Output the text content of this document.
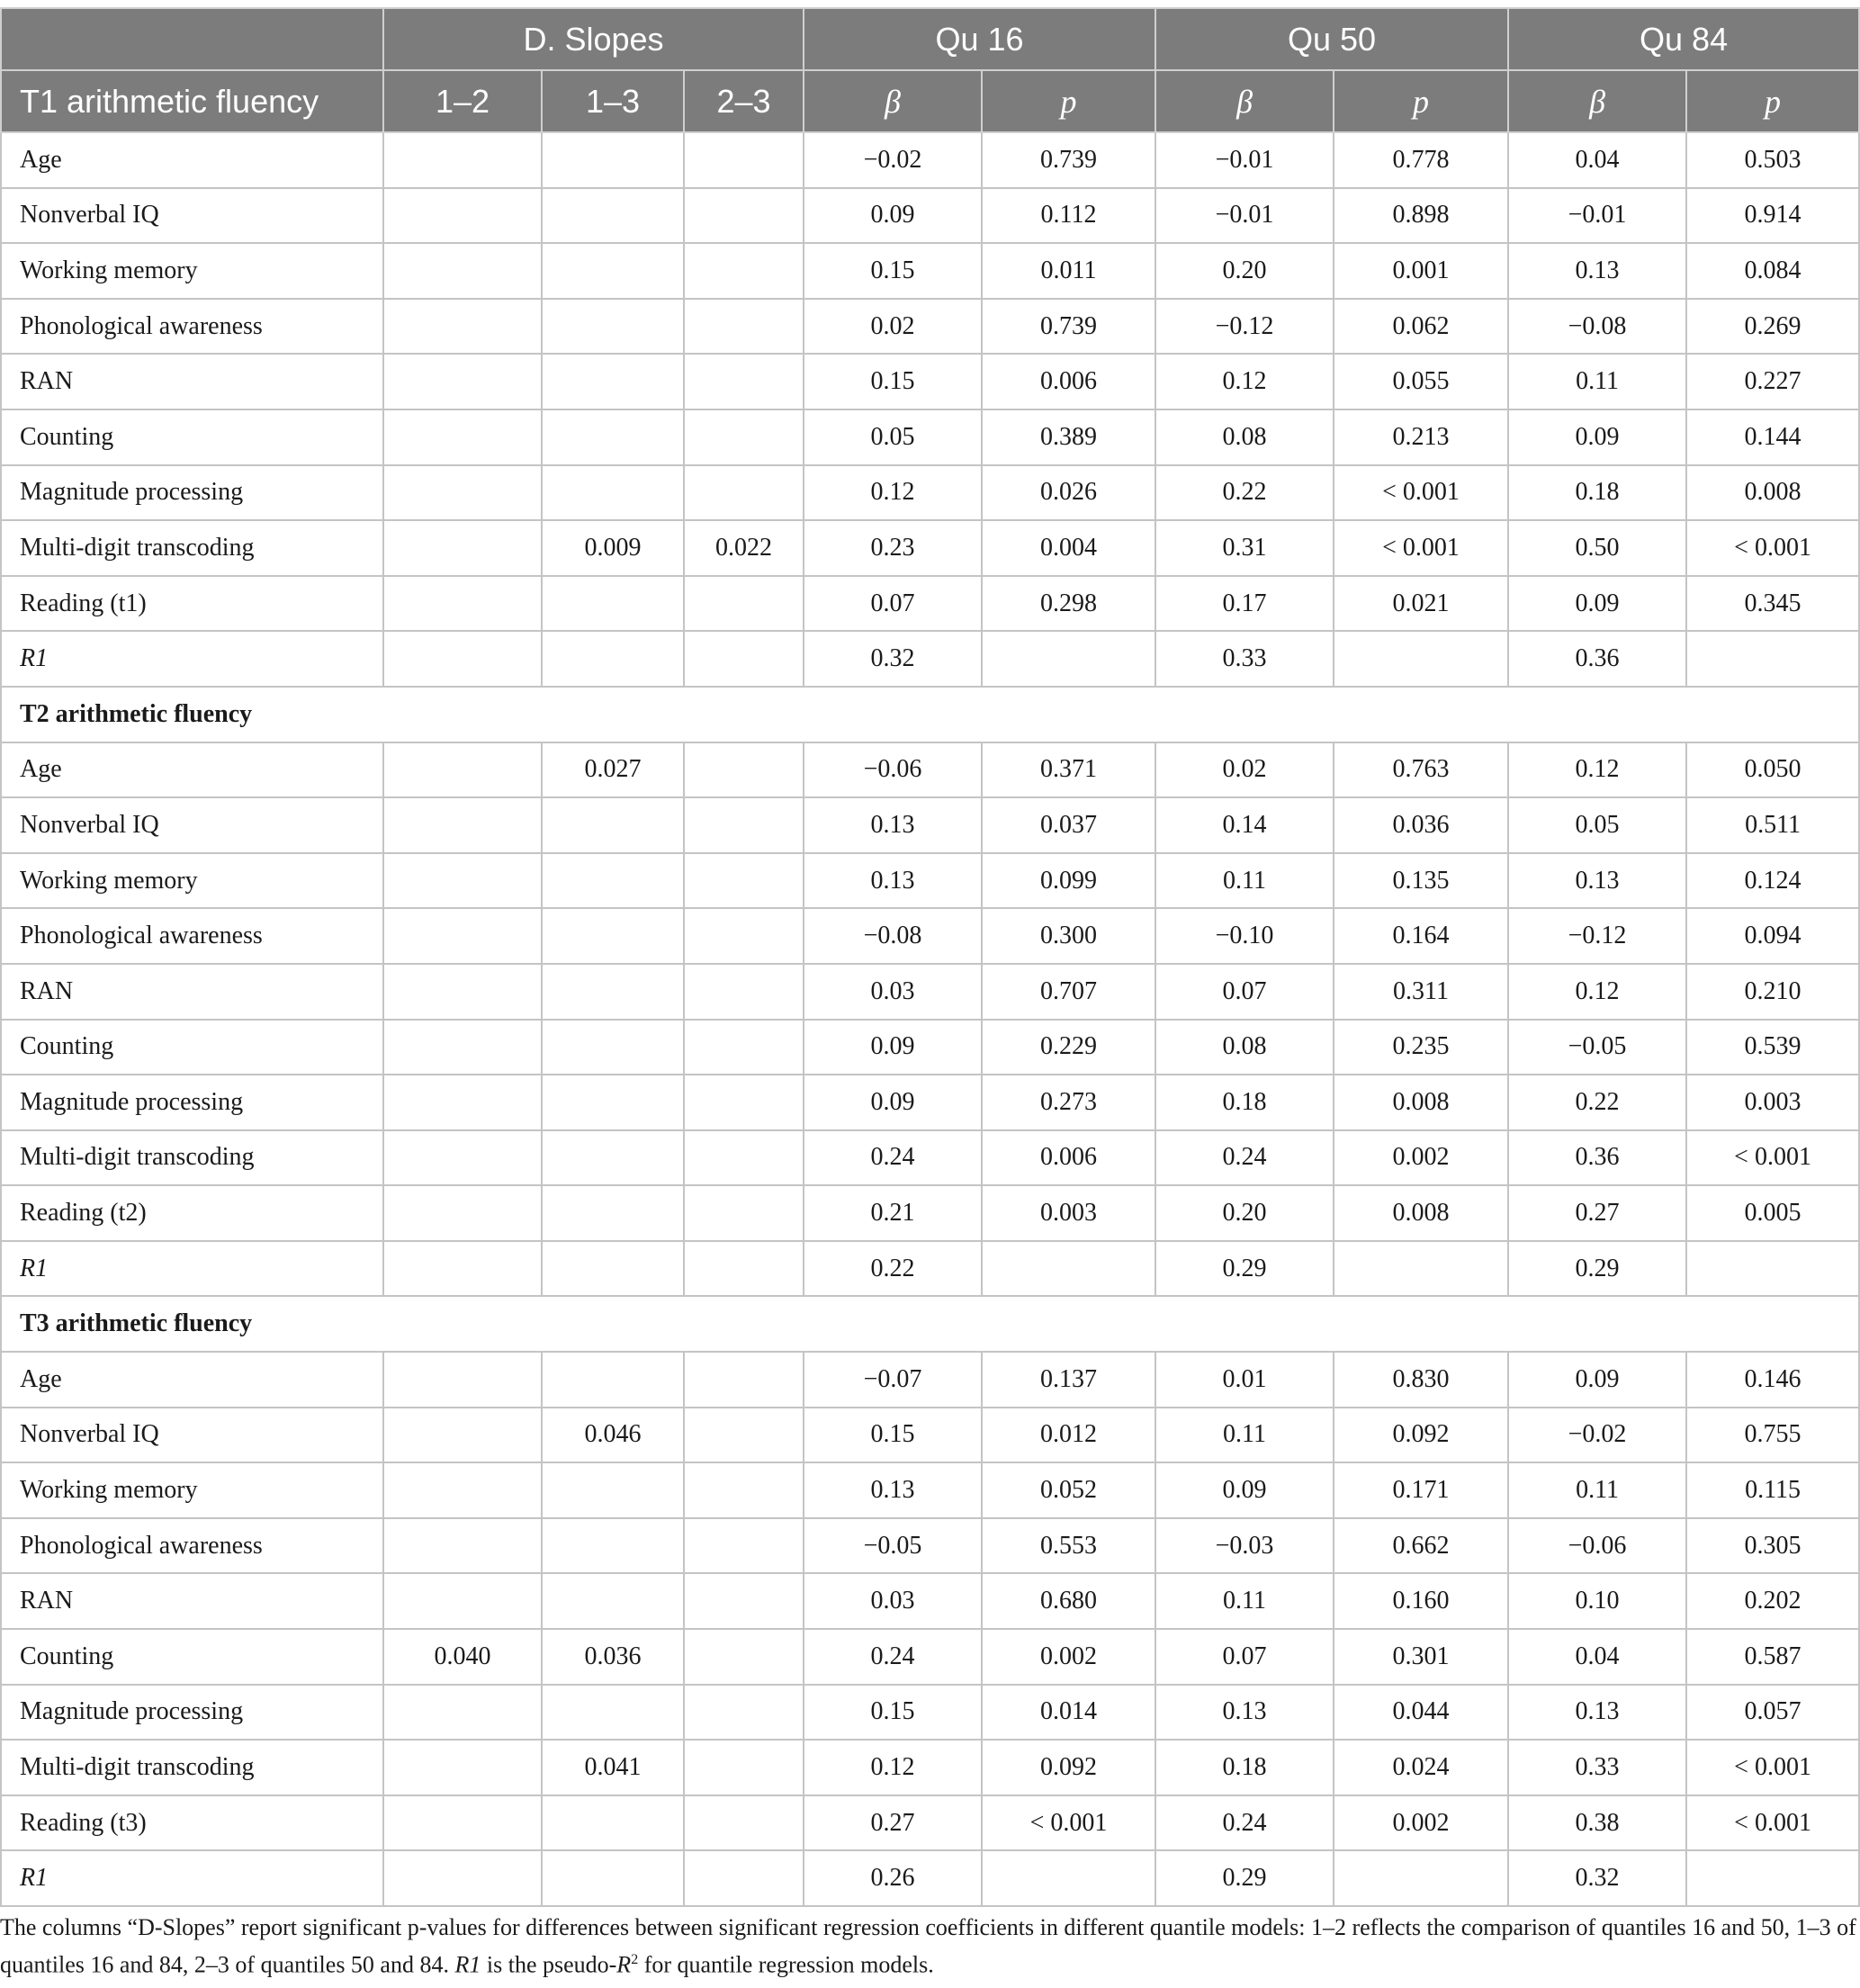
	D. Slopes			Qu 16		Qu 50		Qu 84	
T1 arithmetic fluency	1–2	1–3	2–3	β	p	β	p	β	p
Age				−0.02	0.739	−0.01	0.778	0.04	0.503
Nonverbal IQ				0.09	0.112	−0.01	0.898	−0.01	0.914
Working memory				0.15	0.011	0.20	0.001	0.13	0.084
Phonological awareness				0.02	0.739	−0.12	0.062	−0.08	0.269
RAN				0.15	0.006	0.12	0.055	0.11	0.227
Counting				0.05	0.389	0.08	0.213	0.09	0.144
Magnitude processing				0.12	0.026	0.22	< 0.001	0.18	0.008
Multi-digit transcoding		0.009	0.022	0.23	0.004	0.31	< 0.001	0.50	< 0.001
Reading (t1)				0.07	0.298	0.17	0.021	0.09	0.345
R1				0.32		0.33		0.36	
T2 arithmetic fluency									
Age		0.027		−0.06	0.371	0.02	0.763	0.12	0.050
Nonverbal IQ				0.13	0.037	0.14	0.036	0.05	0.511
Working memory				0.13	0.099	0.11	0.135	0.13	0.124
Phonological awareness				−0.08	0.300	−0.10	0.164	−0.12	0.094
RAN				0.03	0.707	0.07	0.311	0.12	0.210
Counting				0.09	0.229	0.08	0.235	−0.05	0.539
Magnitude processing				0.09	0.273	0.18	0.008	0.22	0.003
Multi-digit transcoding				0.24	0.006	0.24	0.002	0.36	< 0.001
Reading (t2)				0.21	0.003	0.20	0.008	0.27	0.005
R1				0.22		0.29		0.29	
T3 arithmetic fluency									
Age				−0.07	0.137	0.01	0.830	0.09	0.146
Nonverbal IQ		0.046		0.15	0.012	0.11	0.092	−0.02	0.755
Working memory				0.13	0.052	0.09	0.171	0.11	0.115
Phonological awareness				−0.05	0.553	−0.03	0.662	−0.06	0.305
RAN				0.03	0.680	0.11	0.160	0.10	0.202
Counting	0.040	0.036		0.24	0.002	0.07	0.301	0.04	0.587
Magnitude processing				0.15	0.014	0.13	0.044	0.13	0.057
Multi-digit transcoding		0.041		0.12	0.092	0.18	0.024	0.33	< 0.001
Reading (t3)				0.27	< 0.001	0.24	0.002	0.38	< 0.001
R1				0.26		0.29		0.32	
The columns “D-Slopes” report significant p-values for differences between significant regression coefficients in different quantile models: 1–2 reflects the comparison of quantiles 16 and 50, 1–3 of quantiles 16 and 84, 2–3 of quantiles 50 and 84. R1 is the pseudo-$R^2$ for quantile regression models.
